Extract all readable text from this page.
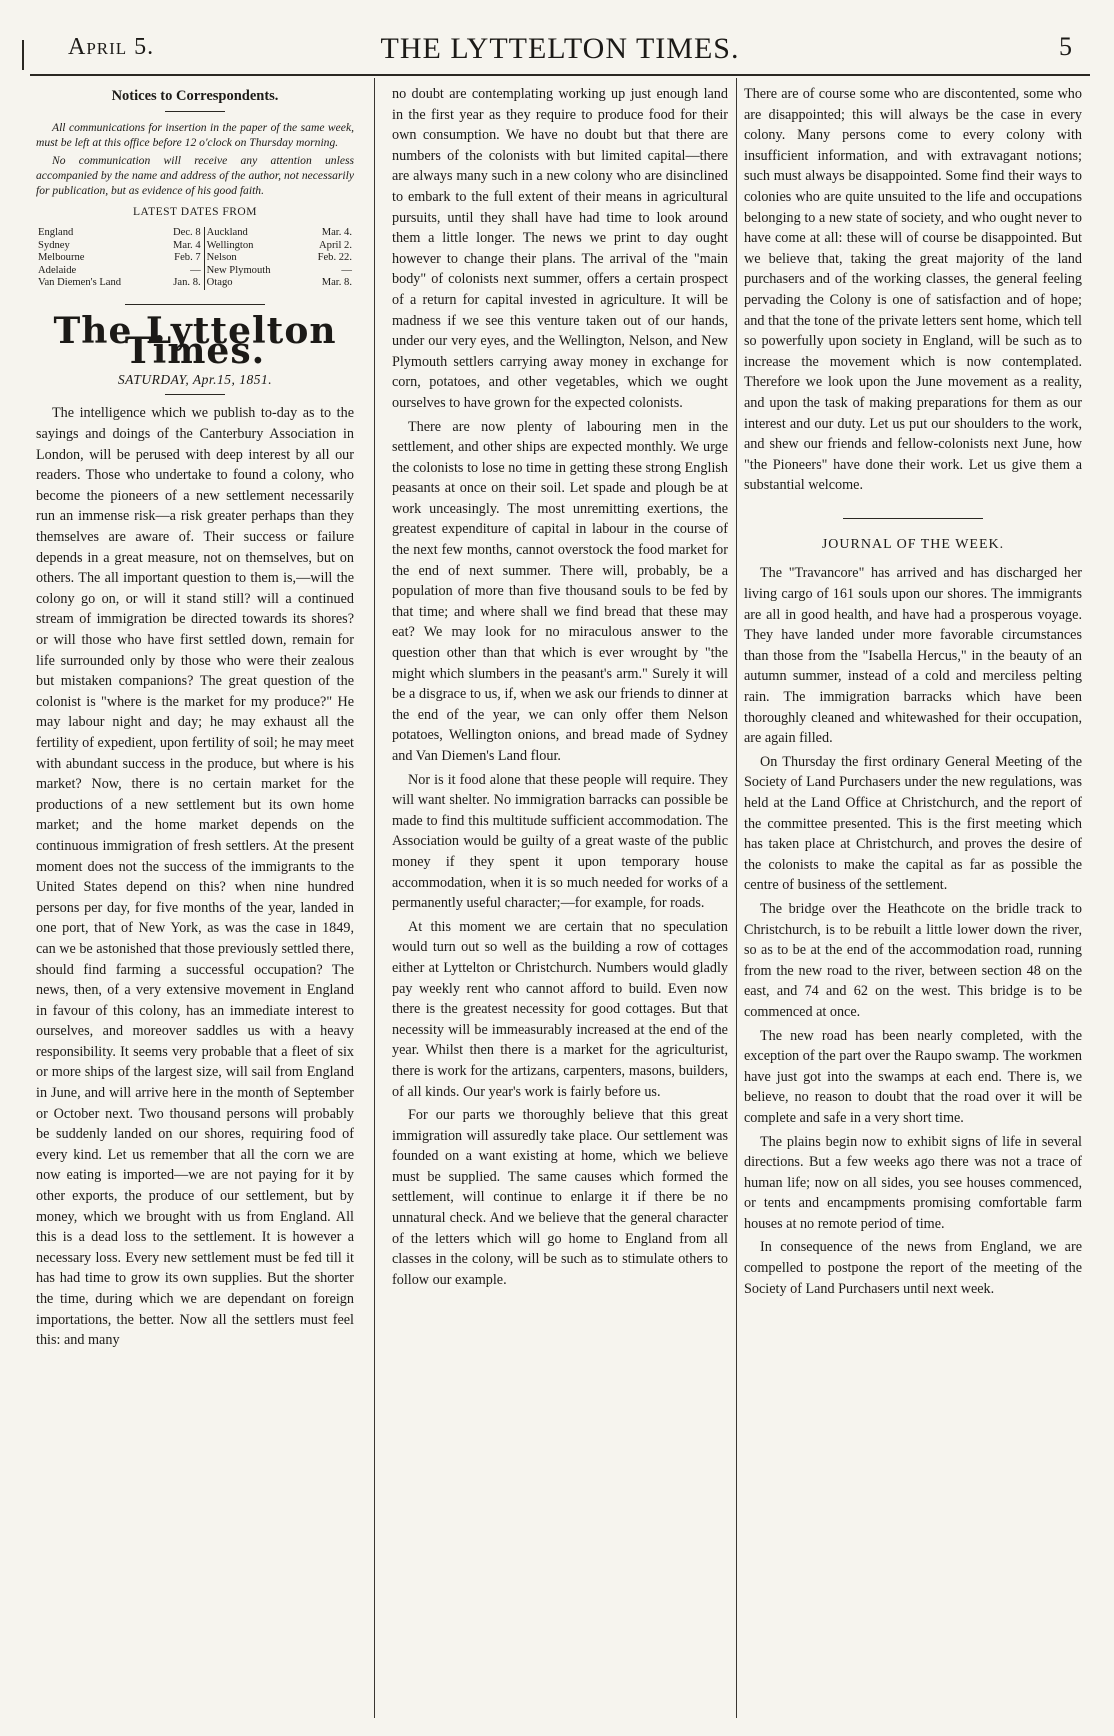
April 5.	THE LYTTELTON TIMES.	5
Notices to Correspondents.

All communications for insertion in the paper of the same week, must be left at this office before 12 o'clock on Thursday morning.

No communication will receive any attention unless accompanied by the name and address of the author, not necessarily for publication, but as evidence of his good faith.

LATEST DATES FROM
England	Dec. 8		Auckland	Mar. 4.
Sydney	Mar. 4		Wellington	April 2.
Melbourne	Feb. 7		Nelson	Feb. 22.
Adelaide	—		New Plymouth	—
Van Diemen's Land	Jan. 8.		Otago	Mar. 8.
The Lyttelton Times.
SATURDAY, Apr.15, 1851.

The intelligence which we publish to-day as to the sayings and doings of the Canterbury Association in London, will be perused with deep interest by all our readers. Those who undertake to found a colony, who become the pioneers of a new settlement necessarily run an immense risk—a risk greater perhaps than they themselves are aware of. Their success or failure depends in a great measure, not on themselves, but on others. The all important question to them is,—will the colony go on, or will it stand still? will a continued stream of immigration be directed towards its shores? or will those who have first settled down, remain for life surrounded only by those who were their zealous but mistaken companions? The great question of the colonist is "where is the market for my produce?" He may labour night and day; he may exhaust all the fertility of expedient, upon fertility of soil; he may meet with abundant success in the produce, but where is his market? Now, there is no certain market for the productions of a new settlement but its own home market; and the home market depends on the continuous immigration of fresh settlers. At the present moment does not the success of the immigrants to the United States depend on this? when nine hundred persons per day, for five months of the year, landed in one port, that of New York, as was the case in 1849, can we be astonished that those previously settled there, should find farming a successful occupation? The news, then, of a very extensive movement in England in favour of this colony, has an immediate interest to ourselves, and moreover saddles us with a heavy responsibility. It seems very probable that a fleet of six or more ships of the largest size, will sail from England in June, and will arrive here in the month of September or October next. Two thousand persons will probably be suddenly landed on our shores, requiring food of every kind. Let us remember that all the corn we are now eating is imported—we are not paying for it by other exports, the produce of our settlement, but by money, which we brought with us from England. All this is a dead loss to the settlement. It is however a necessary loss. Every new settlement must be fed till it has had time to grow its own supplies. But the shorter the time, during which we are dependant on foreign importations, the better. Now all the settlers must feel this: and many

no doubt are contemplating working up just enough land in the first year as they require to produce food for their own consumption. We have no doubt but that there are numbers of the colonists with but limited capital—there are always many such in a new colony who are disinclined to embark to the full extent of their means in agricultural pursuits, until they shall have had time to look around them a little longer. The news we print to day ought however to change their plans. The arrival of the "main body" of colonists next summer, offers a certain prospect of a return for capital invested in agriculture. It will be madness if we see this venture taken out of our hands, under our very eyes, and the Wellington, Nelson, and New Plymouth settlers carrying away money in exchange for corn, potatoes, and other vegetables, which we ought ourselves to have grown for the expected colonists.

There are now plenty of labouring men in the settlement, and other ships are expected monthly. We urge the colonists to lose no time in getting these strong English peasants at once on their soil. Let spade and plough be at work unceasingly. The most unremitting exertions, the greatest expenditure of capital in labour in the course of the next few months, cannot overstock the food market for the end of next summer. There will, probably, be a population of more than five thousand souls to be fed by that time; and where shall we find bread that these may eat? We may look for no miraculous answer to the question other than that which is ever wrought by "the might which slumbers in the peasant's arm." Surely it will be a disgrace to us, if, when we ask our friends to dinner at the end of the year, we can only offer them Nelson potatoes, Wellington onions, and bread made of Sydney and Van Diemen's Land flour.

Nor is it food alone that these people will require. They will want shelter. No immigration barracks can possible be made to find this multitude sufficient accommodation. The Association would be guilty of a great waste of the public money if they spent it upon temporary house accommodation, when it is so much needed for works of a permanently useful character;—for example, for roads.

At this moment we are certain that no speculation would turn out so well as the building a row of cottages either at Lyttelton or Christchurch. Numbers would gladly pay weekly rent who cannot afford to build. Even now there is the greatest necessity for good cottages. But that necessity will be immeasurably increased at the end of the year. Whilst then there is a market for the agriculturist, there is work for the artizans, carpenters, masons, builders, of all kinds. Our year's work is fairly before us.

For our parts we thoroughly believe that this great immigration will assuredly take place. Our settlement was founded on a want existing at home, which we believe must be supplied. The same causes which formed the settlement, will continue to enlarge it if there be no unnatural check. And we believe that the general character of the letters which will go home to England from all classes in the colony, will be such as to stimulate others to follow our example.

There are of course some who are discontented, some who are disappointed; this will always be the case in every colony. Many persons come to every colony with insufficient information, and with extravagant notions; such must always be disappointed. Some find their ways to colonies who are quite unsuited to the life and occupations belonging to a new state of society, and who ought never to have come at all: these will of course be disappointed. But we believe that, taking the great majority of the land purchasers and of the working classes, the general feeling pervading the Colony is one of satisfaction and of hope; and that the tone of the private letters sent home, which tell so powerfully upon society in England, will be such as to increase the movement which is now contemplated. Therefore we look upon the June movement as a reality, and upon the task of making preparations for them as our interest and our duty. Let us put our shoulders to the work, and shew our friends and fellow-colonists next June, how "the Pioneers" have done their work. Let us give them a substantial welcome.

JOURNAL OF THE WEEK.

The "Travancore" has arrived and has discharged her living cargo of 161 souls upon our shores. The immigrants are all in good health, and have had a prosperous voyage. They have landed under more favorable circumstances than those from the "Isabella Hercus," in the beauty of an autumn summer, instead of a cold and merciless pelting rain. The immigration barracks which have been thoroughly cleaned and whitewashed for their occupation, are again filled.

On Thursday the first ordinary General Meeting of the Society of Land Purchasers under the new regulations, was held at the Land Office at Christchurch, and the report of the committee presented. This is the first meeting which has taken place at Christchurch, and proves the desire of the colonists to make the capital as far as possible the centre of business of the settlement.

The bridge over the Heathcote on the bridle track to Christchurch, is to be rebuilt a little lower down the river, so as to be at the end of the accommodation road, running from the new road to the river, between section 48 on the east, and 74 and 62 on the west. This bridge is to be commenced at once.

The new road has been nearly completed, with the exception of the part over the Raupo swamp. The workmen have just got into the swamps at each end. There is, we believe, no reason to doubt that the road over it will be complete and safe in a very short time.

The plains begin now to exhibit signs of life in several directions. But a few weeks ago there was not a trace of human life; now on all sides, you see houses commenced, or tents and encampments promising comfortable farm houses at no remote period of time.

In consequence of the news from England, we are compelled to postpone the report of the meeting of the Society of Land Purchasers until next week.
